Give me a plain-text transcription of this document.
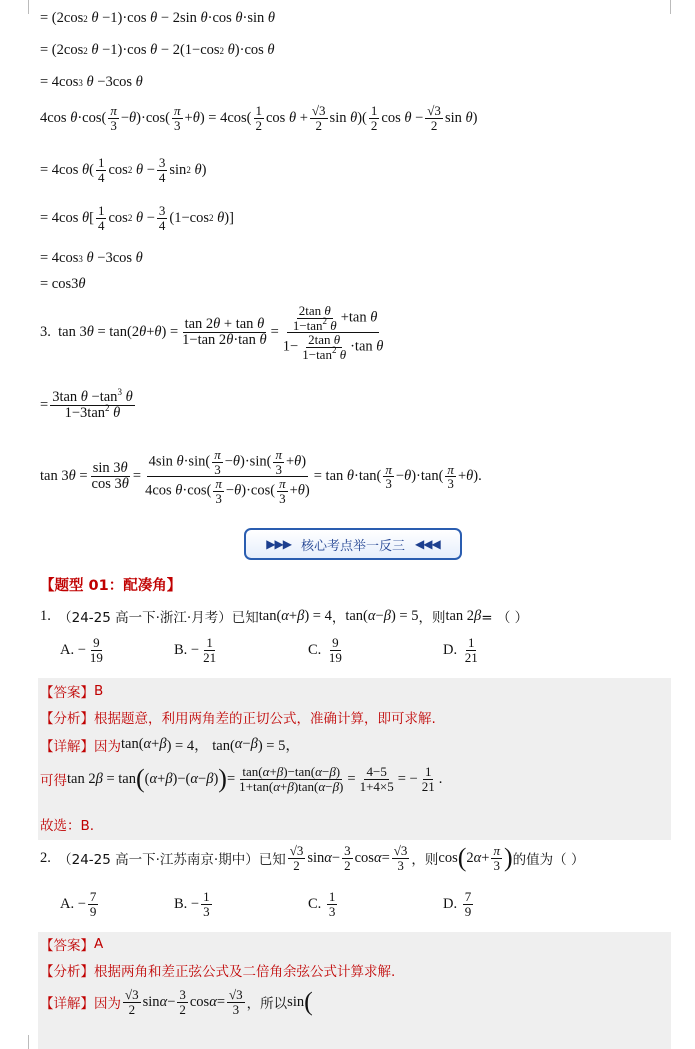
= (2cos 2 θ −1)·cos θ − 2sin θ ·cos θ ·sin θ
= (2cos 2 θ −1)·cos θ − 2(1−cos 2 θ )·cos θ
= 4cos 3 θ −3cos θ
4cos $\theta \cdot\cos( \frac{\pi}{3} - \theta$ )$\cdot\cos( \frac{\pi}{3} + \theta$ ) = $4\cos( \frac{1}{2}$ $\cos \theta + \frac{√3}{2}$ sin θ )( $\frac{1}{2}$ $\cos \theta - \frac{√3}{2}$ sin θ )
= 4cos θ ( $\frac{1}{4}$ cos 2 $\theta - \frac{3}{4}$ sin 2 θ )
= 4cos θ [ $\frac{1}{4}$ cos 2 $\theta - \frac{3}{4} (1-\cos$ 2 θ )]
= 4cos 3 θ −3cos θ
= cos3 θ
3. tan 3 θ = tan(2 θ + θ ) = $\frac{\text{tan 2θ + tan θ}}{\text{1−tan 2θ·tan θ}} = \frac{\frac{\text{2tan θ}}{1-\tan^2 \theta} +\tan \theta}{1- \frac{\text{2tan θ}}{1-\tan^2 \theta} \cdot\tan \theta}$
= $\frac{3\tan \theta -\tan^3 \theta}{1-3\tan^2 \theta}$
tan 3 $\theta = \frac{\sin 3\theta}{\cos 3\theta} = \frac{4\sin \theta\cdot\sin( \frac{\pi}{3} -\theta)\cdot\sin( \frac{\pi}{3} +\theta)}{4\cos \theta\cdot\cos( \frac{\pi}{3} -\theta)\cdot\cos( \frac{\pi}{3} +\theta)} = \tan \theta \cdot\tan( \frac{\pi}{3} - \theta$ )$\cdot\tan( \frac{\pi}{3} + \theta$ ).
▶▶▶ 核心考点举一反三 ◀◀◀
【题型 01：配凑角】
1.
（24-25 高一下·浙江·月考） 已知 tan( α + β ) = 4 ， tan( α − β ) = 5 ，则 tan 2 β = （ ）
A.
− $\frac{9}{19}$	B.
− $\frac{1}{21}$	C.
$\frac{9}{19}$	D.
$\frac{1}{21}$
【答案】 B
【分析】 根据题意，利用两角差的正切公式，准确计算，即可求解.
【详解】 因为 tan( α + β ) = 4， tan( α − β ) = 5，
可得 tan 2 β = tan ( ( α + β )−( α − β ) ) = $\frac{\tan(\alpha+\beta)-\tan(\alpha-\beta)}{1+\tan(\alpha+\beta)\tan(\alpha-\beta)} = \frac{4-5}{1+4\times 5}$ = − $\frac{1}{21}$ .
故选：B.
2.
（24-25 高一下·江苏南京·期中） 已知 $\frac{√3}{2}$ $\sin \alpha - \frac{3}{2}$ $\cos \alpha = \frac{√3}{3}$ ，则 cos ( 2 $\alpha + \frac{\pi}{3}$ ) 的值为（ ）
A.
− $\frac{7}{9}$	B.
− $\frac{1}{3}$	C.
$\frac{1}{3}$	D.
$\frac{7}{9}$
【答案】 A
【分析】 根据两角和差正弦公式及二倍角余弦公式计算求解.
【详解】 因为 $\frac{√3}{2}$ $\sin \alpha - \frac{3}{2}$ $\cos \alpha = \frac{√3}{3}$ ，所以 sin (
